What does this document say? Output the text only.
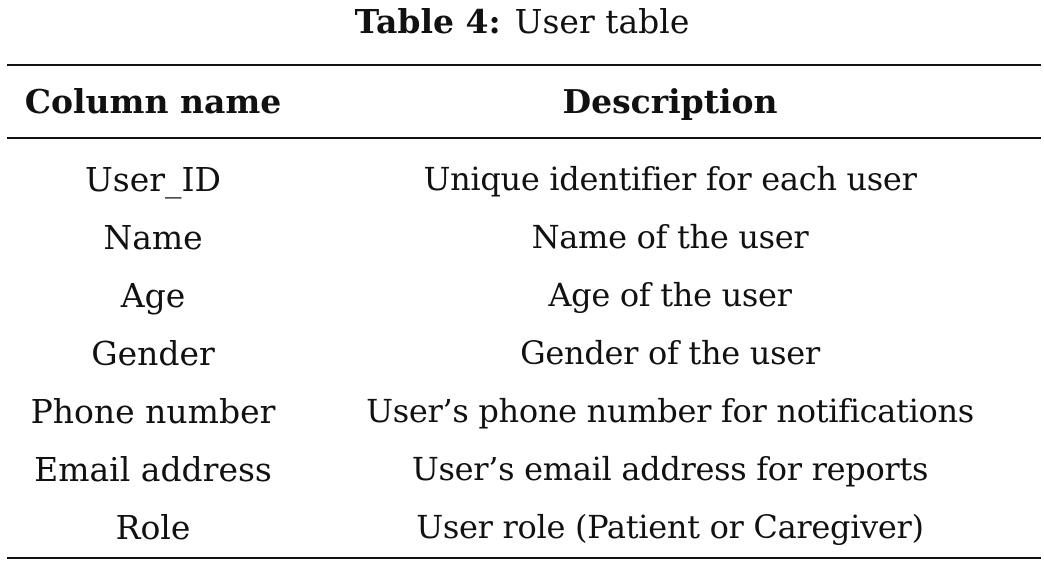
Table 4: User table
Column name	Description
User_ID	Unique identifier for each user
Name	Name of the user
Age	Age of the user
Gender	Gender of the user
Phone number	User’s phone number for notifications
Email address	User’s email address for reports
Role	User role (Patient or Caregiver)
